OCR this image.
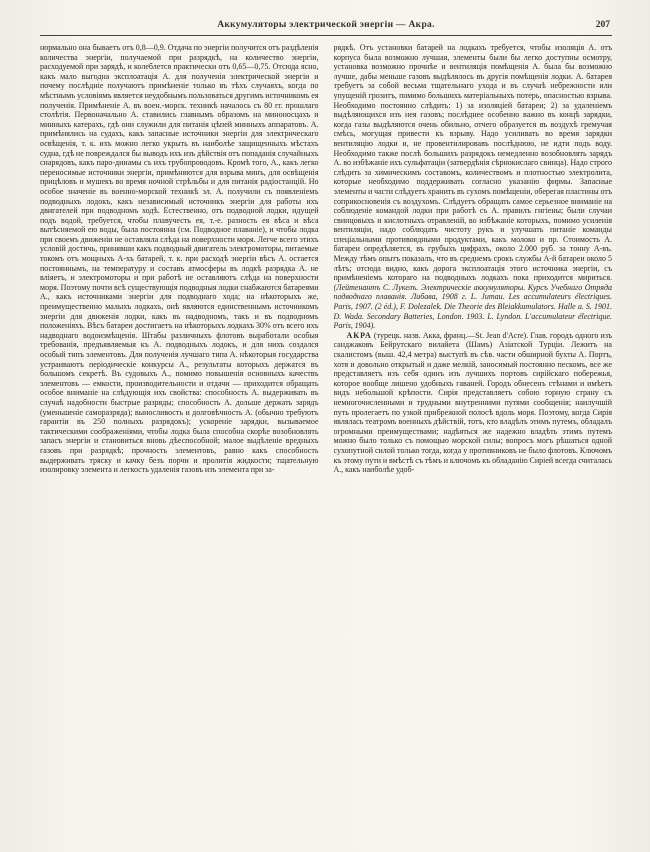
Аккумуляторы электрической энергіи — Акра.	207

нормально она бываетъ отъ 0,8—0,9. Отдача по энергіи получится отъ раздѣленія количества энергіи, получаемой при разрядкѣ, на количество энергіи, расходуемой при зарядѣ, и колеблется практически отъ 0,65—0,75. Отсюда ясно, какъ мало выгодна эксплоатація А. для полученія электрической энергіи и почему послѣдніе получаютъ примѣненіе только въ тѣхъ случаяхъ, когда по мѣстнымъ условіямъ является неудобнымъ пользоваться другимъ источникомъ ея полученія. Примѣненіе А. въ воен.-морск. техникѣ началось съ 80 гг. прошлаго столѣтія. Первоначально А. ставились главнымъ образомъ на миноносцахъ и минныхъ катерахъ, гдѣ они служили для питанія цѣпей минныхъ аппаратовъ. А. примѣнялись на судахъ, какъ запасные источники энергіи для электрическаго освѣщенія, т. к. ихъ можно легко укрыть въ наиболѣе защищенныхъ мѣстахъ судна, гдѣ не повреждался бы выводъ ихъ изъ дѣйствія отъ попаданія случайныхъ снарядовъ, какъ паро-динамы съ ихъ трубопроводовъ. Кромѣ того, А., какъ легко переносимые источники энергіи, примѣняются для взрыва минъ, для освѣщенія прицѣловъ и мушекъ во время ночной стрѣльбы и для питанія радіостанцій. Но особое значеніе въ военно-морской техникѣ эл. А. получили съ появленіемъ подводныхъ лодокъ, какъ независимый источникъ энергіи для работы ихъ двигателей при подводномъ ходѣ. Естественно, отъ подводной лодки, идущей подъ водой, требуется, чтобы плавучесть ея, т.-е. разность ея вѣса и вѣса вытѣсняемой ею воды, была постоянна (см. Подводное плаваніе), и чтобы лодка при своемъ движеніи не оставляла слѣда на поверхности моря. Легче всего этихъ условій достичь, принявши какъ подводный двигатель электромоторы, питаемые токомъ отъ мощныхъ А-хъ батарей, т. к. при расходѣ энергіи вѣсъ А. остается постояннымъ, на температуру и составъ атмосферы въ лодкѣ разрядка А. не вліяетъ, и электромоторы и при работѣ не оставляютъ слѣда на поверхности моря. Поэтому почти всѣ существующія подводныя лодки снабжаются батареями А., какъ источниками энергіи для подводнаго хода; на нѣкоторыхъ же, преимущественно малыхъ лодкахъ, онѣ являются единственнымъ источникомъ энергіи для движенія лодки, какъ въ надводномъ, такъ и въ подводномъ положеніяхъ. Вѣсъ батареи достигаетъ на нѣкоторыхъ лодкахъ 30% отъ всего ихъ надводнаго водоизмѣщенія. Штабы различныхъ флотовъ выработали особыя требованія, предъявляемыя къ А. подводныхъ лодокъ, и для нихъ создался особый типъ элементовъ. Для полученія лучшаго типа А. нѣкоторыя государства устраиваютъ періодическіе конкурсы А., результаты которыхъ держатся въ большомъ секретѣ. Въ судовыхъ А., помимо повышенія основныхъ качествъ элементовъ — емкости, производительности и отдачи — приходится обращать особое вниманіе на слѣдующія ихъ свойства: способность А. выдерживать въ случаѣ надобности быстрые разряды; способность А. дольше держать зарядъ (уменьшеніе саморазряда); выносливость и долговѣчность А. (обычно требуютъ гарантіи въ 250 полныхъ разрядокъ); ускореніе зарядки, вызываемое тактическими соображеніями, чтобы лодка была способна скорѣе возобновлять запасъ энергіи и становиться вновь дѣеспособной; малое выдѣленіе вредныхъ газовъ при разрядкѣ; прочность элементовъ, равно какъ способность выдерживать тряску и качку безъ порчи и пролитія жидкости; тщательную изолировку элемента и легкость удаленія газовъ изъ элемента при за-

рядкѣ. Отъ установки батарей на лодкахъ требуется, чтобы изоляція А. отъ корпуса была возможно лучшая, элементы были бы легко доступны осмотру, установка возможно прочнѣе и вентиляція помѣщенія А. была бы возможно лучше, дабы меньше газовъ выдѣлялось въ другія помѣщенія лодки. А. батарея требуетъ за собой весьма тщательнаго ухода и въ случаѣ небрежности или упущеній грозитъ, помимо большихъ матеріальныхъ потерь, опасностью взрыва. Необходимо постоянно слѣдить: 1) за изоляціей батареи; 2) за удаленіемъ выдѣляющихся изъ нея газовъ; послѣднее особенно важно въ концѣ зарядки, когда газы выдѣляются очень обильно, отчего образуется въ воздухѣ гремучая смѣсь, могущая привести къ взрыву. Надо усиливать во время зарядки вентиляцію лодки и, не провентилировавъ послѣднюю, не идти подъ воду. Необходимо также послѣ большихъ разрядокъ немедленно возобновлять зарядъ А. во избѣжаніе ихъ сульфатаціи (затвердѣнія сѣрнокислаго свинца). Надо строго слѣдить за химическимъ составомъ, количествомъ и плотностью электролита, которые необходимо поддерживать согласно указанію фирмы. Запасные элементы и части слѣдуетъ хранить въ сухомъ помѣщеніи, оберегая пластины отъ соприкосновенія съ воздухомъ. Слѣдуетъ обращать самое серьезное вниманіе на соблюденіе командой лодки при работѣ съ А. правилъ гигіены; были случаи свинцовыхъ и кислотныхъ отравленій, во избѣжаніе которыхъ, помимо усиленія вентиляціи, надо соблюдать чистоту рукъ и улучшать питаніе команды спеціальными противоядными продуктами, какъ молоко и пр. Стоимость А. батареи опредѣляется, въ грубыхъ цифрахъ, около 2.000 руб. за тонну А-въ. Между тѣмъ опытъ показалъ, что въ среднемъ срокъ службы А-й батареи около 5 лѣтъ; отсюда видно, какъ дорога эксплоатація этого источника энергіи, съ примѣненіемъ котораго на подводныхъ лодкахъ пока приходится мириться. (Лейтенантъ С. Лукелъ. Электрическіе аккумуляторы. Курсъ Учебнаго Отряда подводнаго плаванія. Либава, 1908 г. L. Jumau. Les accumulateurs électriques. Paris, 1907. (2 éd.), F. Dolezalek. Die Theorie des Bleiakkumulators. Halle a. S. 1901. D. Wada. Secondary Batteries, London. 1903. L. Lyndon. L'accumulateur électrique. Paris, 1904).

АКРА (турецк. назв. Акка, франц.—St. Jean d'Acre). Глав. городъ одного изъ санджаковъ Бейрутскаго вилайета (Шамъ) Азіатской Турціи. Лежитъ на скалистомъ (выш. 42,4 метра) выступѣ въ сѣв. части обширной бухты А. Портъ, хотя и довольно открытый и даже мелкій, заносимый постоянно пескомъ, все же представляетъ изъ себя одинъ изъ лучшихъ портовъ сирійскаго побережья, которое вообще лишено удобныхъ гаваней. Городъ обнесенъ стѣнами и имѣетъ видъ небольшой крѣпости. Сирія представляетъ собою горную страну съ немногочисленными и трудными внутренними путями сообщенія; наилучшій путь пролегаетъ по узкой прибрежной полосѣ вдоль моря. Поэтому, когда Сирія являлась театромъ военныхъ дѣйствій, тотъ, кто владѣлъ этимъ путемъ, обладалъ огромными преимуществами; надѣяться же надежно владѣть этимъ путемъ можно было только съ помощью морской силы; вопросъ могъ рѣшаться одной сухопутной силой только тогда, когда у противниковъ не было флотовъ. Ключомъ къ этому пути и вмѣстѣ съ тѣмъ и ключомъ къ обладанію Сиріей всегда считалась А., какъ наиболѣе удоб-
